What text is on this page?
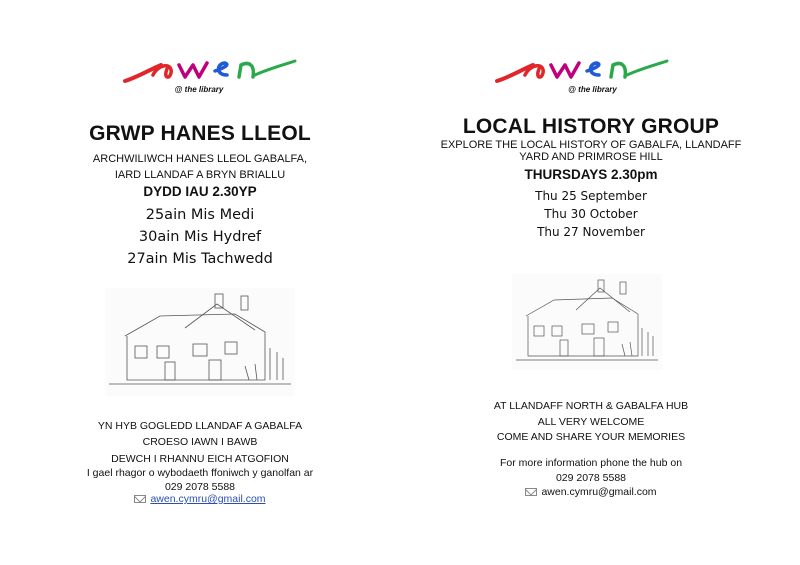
@ the library
GRWP HANES LLEOL
ARCHWILIWCH HANES LLEOL GABALFA,
IARD LLANDAF A BRYN BRIALLU
DYDD IAU 2.30YP
25ain Mis Medi
30ain Mis Hydref
27ain Mis Tachwedd
YN HYB GOGLEDD LLANDAF A GABALFA
CROESO IAWN I BAWB
DEWCH I RHANNU EICH ATGOFION
I gael rhagor o wybodaeth ffoniwch y ganolfan ar
029 2078 5588
awen.cymru@gmail.com
@ the library
LOCAL HISTORY GROUP
EXPLORE THE LOCAL HISTORY OF GABALFA, LLANDAFF
YARD AND PRIMROSE HILL
THURSDAYS 2.30pm
Thu 25 September
Thu 30 October
Thu 27 November
AT LLANDAFF NORTH & GABALFA HUB
ALL VERY WELCOME
COME AND SHARE YOUR MEMORIES
For more information phone the hub on
029 2078 5588
awen.cymru@gmail.com
